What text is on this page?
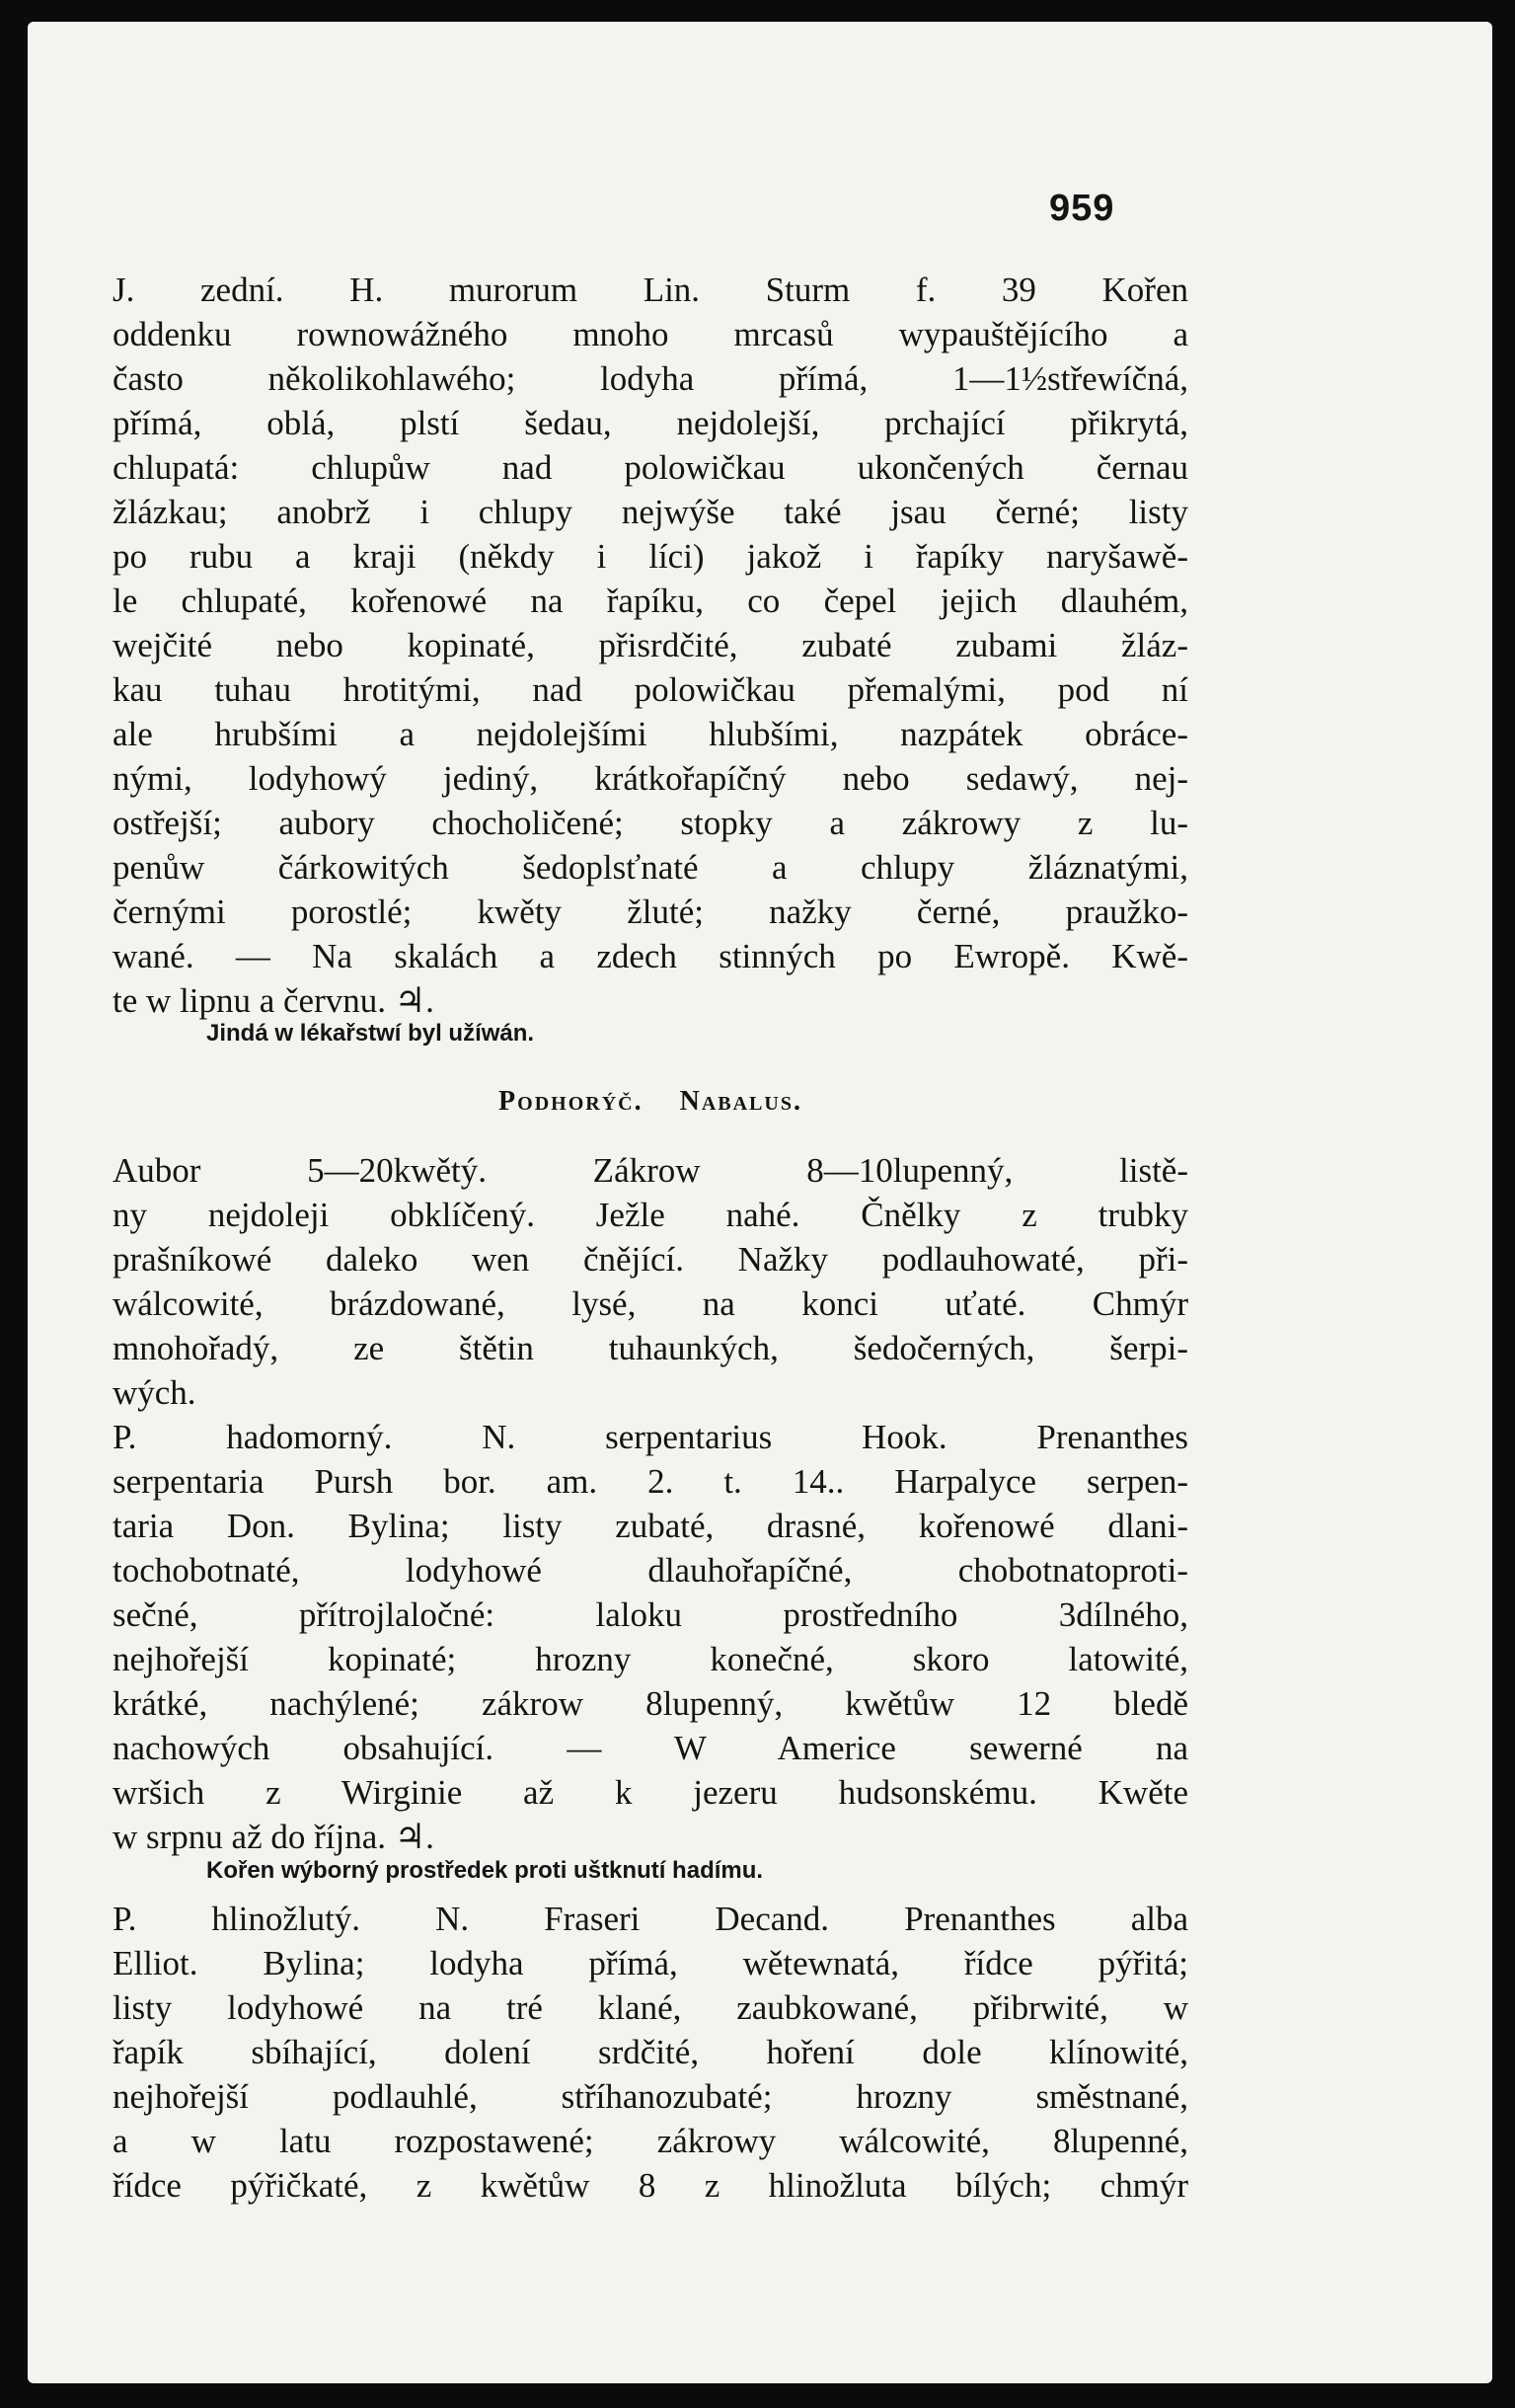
959
J. zední. H. murorum Lin. Sturm f. 39 Kořen
oddenku rownowážného mnoho mrcasů wypauštějícího a
často několikohlawého; lodyha přímá, 1—1½střewíčná,
přímá, oblá, plstí šedau, nejdolejší, prchající přikrytá,
chlupatá: chlupůw nad polowičkau ukončených černau
žlázkau; anobrž i chlupy nejwýše také jsau černé; listy
po rubu a kraji (někdy i líci) jakož i řapíky naryšawě-
le chlupaté, kořenowé na řapíku, co čepel jejich dlauhém,
wejčité nebo kopinaté, přisrdčité, zubaté zubami žláz-
kau tuhau hrotitými, nad polowičkau přemalými, pod ní
ale hrubšími a nejdolejšími hlubšími, nazpátek obráce-
nými, lodyhowý jediný, krátkořapíčný nebo sedawý, nej-
ostřejší; aubory chocholičené; stopky a zákrowy z lu-
penůw čárkowitých šedoplsťnaté a chlupy žláznatými,
černými porostlé; kwěty žluté; nažky černé, praužko-
wané. — Na skalách a zdech stinných po Ewropě. Kwě-
te w lipnu a červnu. ♃.
Jindá w lékařstwí byl užíwán.
Podhorýč. Nabalus.
Aubor 5—20kwětý. Zákrow 8—10lupenný, listě-
ny nejdoleji obklíčený. Ježle nahé. Čnělky z trubky
prašníkowé daleko wen čnějící. Nažky podlauhowaté, při-
wálcowité, brázdowané, lysé, na konci uťaté. Chmýr
mnohořadý, ze štětin tuhaunkých, šedočerných, šerpi-
wých.
P. hadomorný. N. serpentarius Hook. Prenanthes
serpentaria Pursh bor. am. 2. t. 14.. Harpalyce serpen-
taria Don. Bylina; listy zubaté, drasné, kořenowé dlani-
tochobotnaté, lodyhowé dlauhořapíčné, chobotnatoproti-
sečné, přítrojlaločné: laloku prostředního 3dílného,
nejhořejší kopinaté; hrozny konečné, skoro latowité,
krátké, nachýlené; zákrow 8lupenný, kwětůw 12 bledě
nachowých obsahující. — W Americe sewerné na
wršich z Wirginie až k jezeru hudsonskému. Kwěte
w srpnu až do října. ♃.
Kořen wýborný prostředek proti uštknutí hadímu.
P. hlinožlutý. N. Fraseri Decand. Prenanthes alba
Elliot. Bylina; lodyha přímá, wětewnatá, řídce pýřitá;
listy lodyhowé na tré klané, zaubkowané, přibrwité, w
řapík sbíhající, dolení srdčité, hoření dole klínowité,
nejhořejší podlauhlé, stříhanozubaté; hrozny směstnané,
a w latu rozpostawené; zákrowy wálcowité, 8lupenné,
řídce pýřičkaté, z kwětůw 8 z hlinožluta bílých; chmýr
